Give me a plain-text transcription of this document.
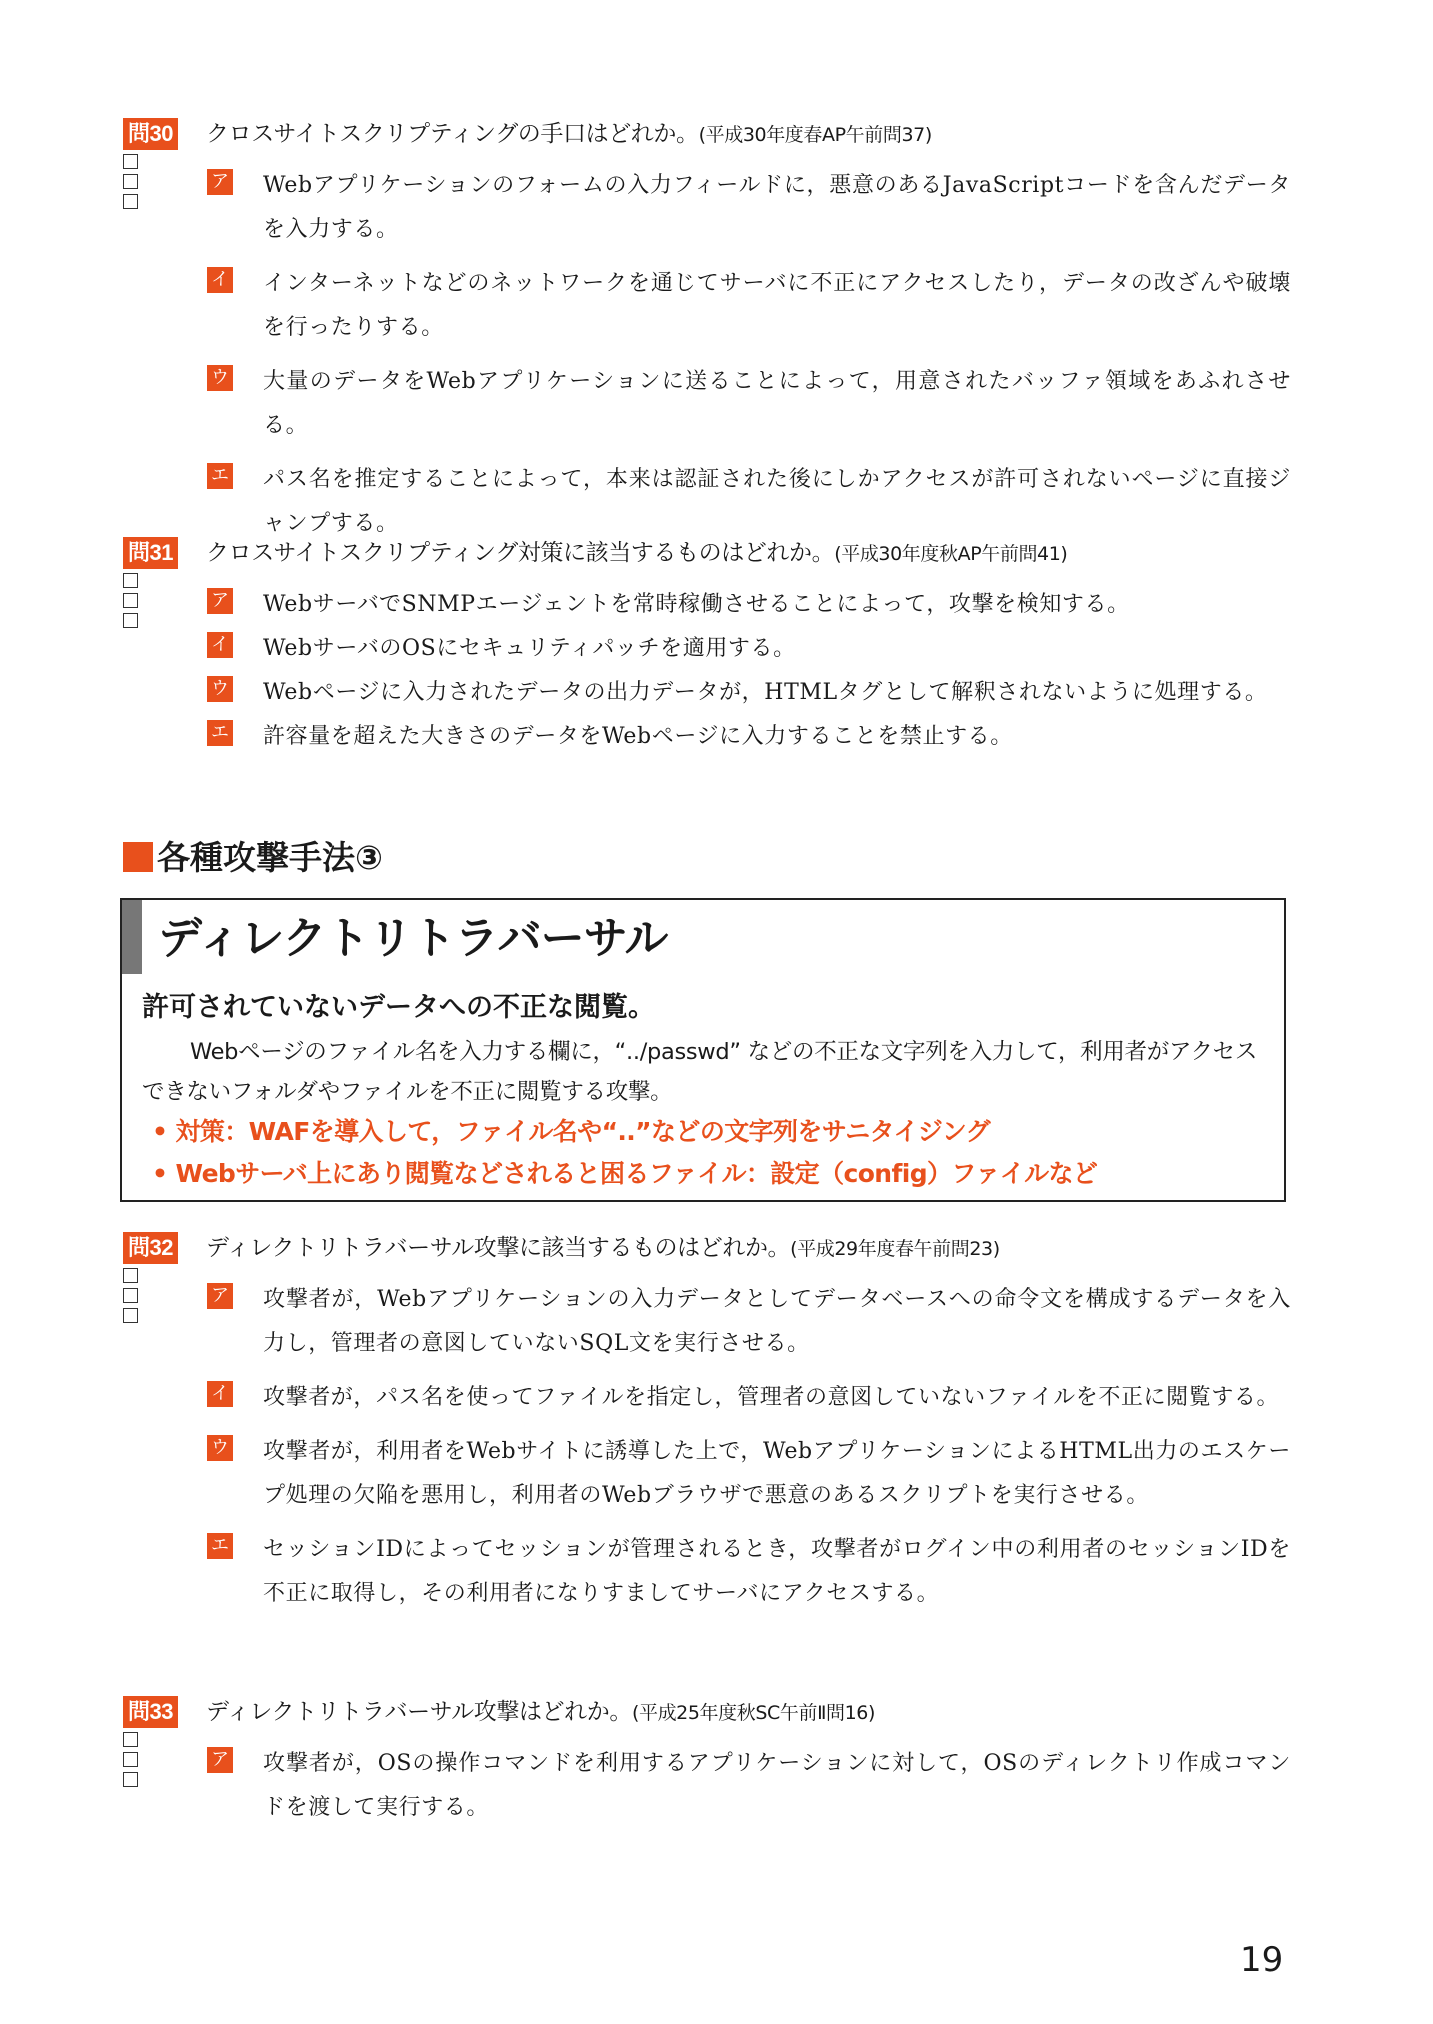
問30 クロスサイトスクリプティングの手口はどれか。(平成30年度春AP午前問37)
ア Webアプリケーションのフォームの入力フィールドに，悪意のあるJavaScriptコードを含んだデータを入力する。
イ インターネットなどのネットワークを通じてサーバに不正にアクセスしたり，データの改ざんや破壊を行ったりする。
ウ 大量のデータをWebアプリケーションに送ることによって，用意されたバッファ領域をあふれさせる。
エ パス名を推定することによって，本来は認証された後にしかアクセスが許可されないページに直接ジャンプする。
問31 クロスサイトスクリプティング対策に該当するものはどれか。(平成30年度秋AP午前問41)
ア WebサーバでSNMPエージェントを常時稼働させることによって，攻撃を検知する。
イ WebサーバのOSにセキュリティパッチを適用する。
ウ Webページに入力されたデータの出力データが，HTMLタグとして解釈されないように処理する。
エ 許容量を超えた大きさのデータをWebページに入力することを禁止する。
各種攻撃手法③
ディレクトリトラバーサル
許可されていないデータへの不正な閲覧。
Webページのファイル名を入力する欄に，“../passwd” などの不正な文字列を入力して，利用者がアクセスできないフォルダやファイルを不正に閲覧する攻撃。
• 対策：WAFを導入して，ファイル名や“..”などの文字列をサニタイジング
• Webサーバ上にあり閲覧などされると困るファイル：設定（config）ファイルなど
問32 ディレクトリトラバーサル攻撃に該当するものはどれか。(平成29年度春午前問23)
ア 攻撃者が，Webアプリケーションの入力データとしてデータベースへの命令文を構成するデータを入力し，管理者の意図していないSQL文を実行させる。
イ 攻撃者が，パス名を使ってファイルを指定し，管理者の意図していないファイルを不正に閲覧する。
ウ 攻撃者が，利用者をWebサイトに誘導した上で，WebアプリケーションによるHTML出力のエスケープ処理の欠陥を悪用し，利用者のWebブラウザで悪意のあるスクリプトを実行させる。
エ セッションIDによってセッションが管理されるとき，攻撃者がログイン中の利用者のセッションIDを不正に取得し，その利用者になりすましてサーバにアクセスする。
問33 ディレクトリトラバーサル攻撃はどれか。(平成25年度秋SC午前Ⅱ問16)
ア 攻撃者が，OSの操作コマンドを利用するアプリケーションに対して，OSのディレクトリ作成コマンドを渡して実行する。
19
